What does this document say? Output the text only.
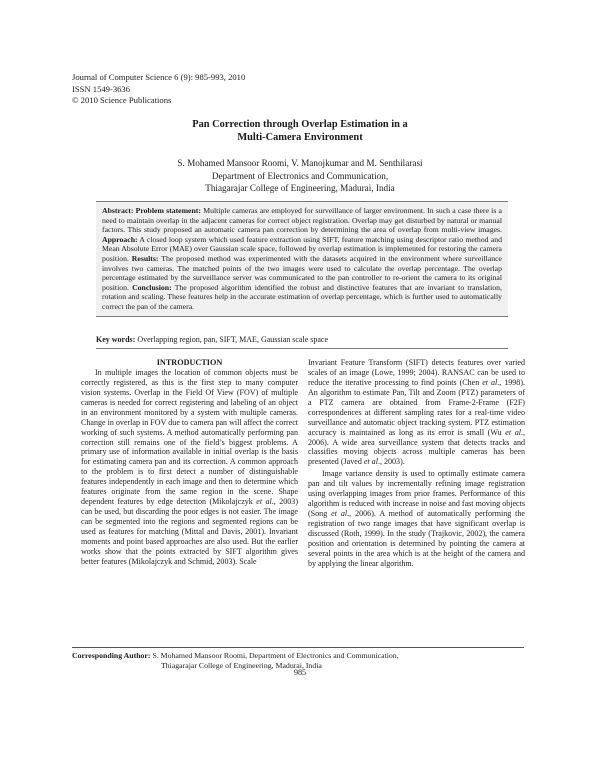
Journal of Computer Science 6 (9): 985-993, 2010
ISSN 1549-3636
© 2010 Science Publications
Pan Correction through Overlap Estimation in a
Multi-Camera Environment
S. Mohamed Mansoor Roomi, V. Manojkumar and M. Senthilarasi
Department of Electronics and Communication,
Thiagarajar College of Engineering, Madurai, India

Abstract: Problem statement: Multiple cameras are employed for surveillance of larger environment. In such a case there is a need to maintain overlap in the adjacent cameras for correct object registration. Overlap may get disturbed by natural or manual factors. This study proposed an automatic camera pan correction by determining the area of overlap from multi-view images. Approach: A closed loop system which used feature extraction using SIFT, feature matching using descriptor ratio method and Mean Absolute Error (MAE) over Gaussian scale space, followed by overlap estimation is implemented for restoring the camera position. Results: The proposed method was experimented with the datasets acquired in the environment where surveillance involves two cameras. The matched points of the two images were used to calculate the overlap percentage. The overlap percentage estimated by the surveillance server was communicated to the pan controller to re-orient the camera to its original position. Conclusion: The proposed algorithm identified the robust and distinctive features that are invariant to translation, rotation and scaling. These features help in the accurate estimation of overlap percentage, which is further used to automatically correct the pan of the camera.

Key words: Overlapping region, pan, SIFT, MAE, Gaussian scale space

INTRODUCTION

In multiple images the location of common objects must be correctly registered, as this is the first step to many computer vision systems. Overlap in the Field Of View (FOV) of multiple cameras is needed for correct registering and labeling of an object in an environment monitored by a system with multiple cameras. Change in overlap in FOV due to camera pan will affect the correct working of such systems. A method automatically performing pan correction still remains one of the field’s biggest problems. A primary use of information available in initial overlap is the basis for estimating camera pan and its correction. A common approach to the problem is to first detect a number of distinguishable features independently in each image and then to determine which features originate from the same region in the scene. Shape dependent features by edge detection (Mikolajczyk et al., 2003) can be used, but discarding the poor edges is not easier. The image can be segmented into the regions and segmented regions can be used as features for matching (Mittal and Davis, 2001). Invariant moments and point based approaches are also used. But the earlier works show that the points extracted by SIFT algorithm gives better features (Mikolajczyk and Schmid, 2003). Scale

Invariant Feature Transform (SIFT) detects features over varied scales of an image (Lowe, 1999; 2004). RANSAC can be used to reduce the iterative processing to find points (Chen et al., 1998). An algorithm to estimate Pan, Tilt and Zoom (PTZ) parameters of a PTZ camera are obtained from Frame-2-Frame (F2F) correspondences at different sampling rates for a real-time video surveillance and automatic object tracking system. PTZ estimation accuracy is maintained as long as its error is small (Wu et al., 2006). A wide area surveillance system that detects tracks and classifies moving objects across multiple cameras has been presented (Javed et al., 2003).

Image variance density is used to optimally estimate camera pan and tilt values by incrementally refining image registration using overlapping images from prior frames. Performance of this algorithm is reduced with increase in noise and fast moving objects (Song et al., 2006). A method of automatically performing the registration of two range images that have significant overlap is discussed (Roth, 1999). In the study (Trajkovic, 2002), the camera position and orientation is determined by pointing the camera at several points in the area which is at the height of the camera and by applying the linear algorithm.

Corresponding Author: S. Mohamed Mansoor Roomi, Department of Electronics and Communication,
Thiagarajar College of Engineering, Madurai, India
985
